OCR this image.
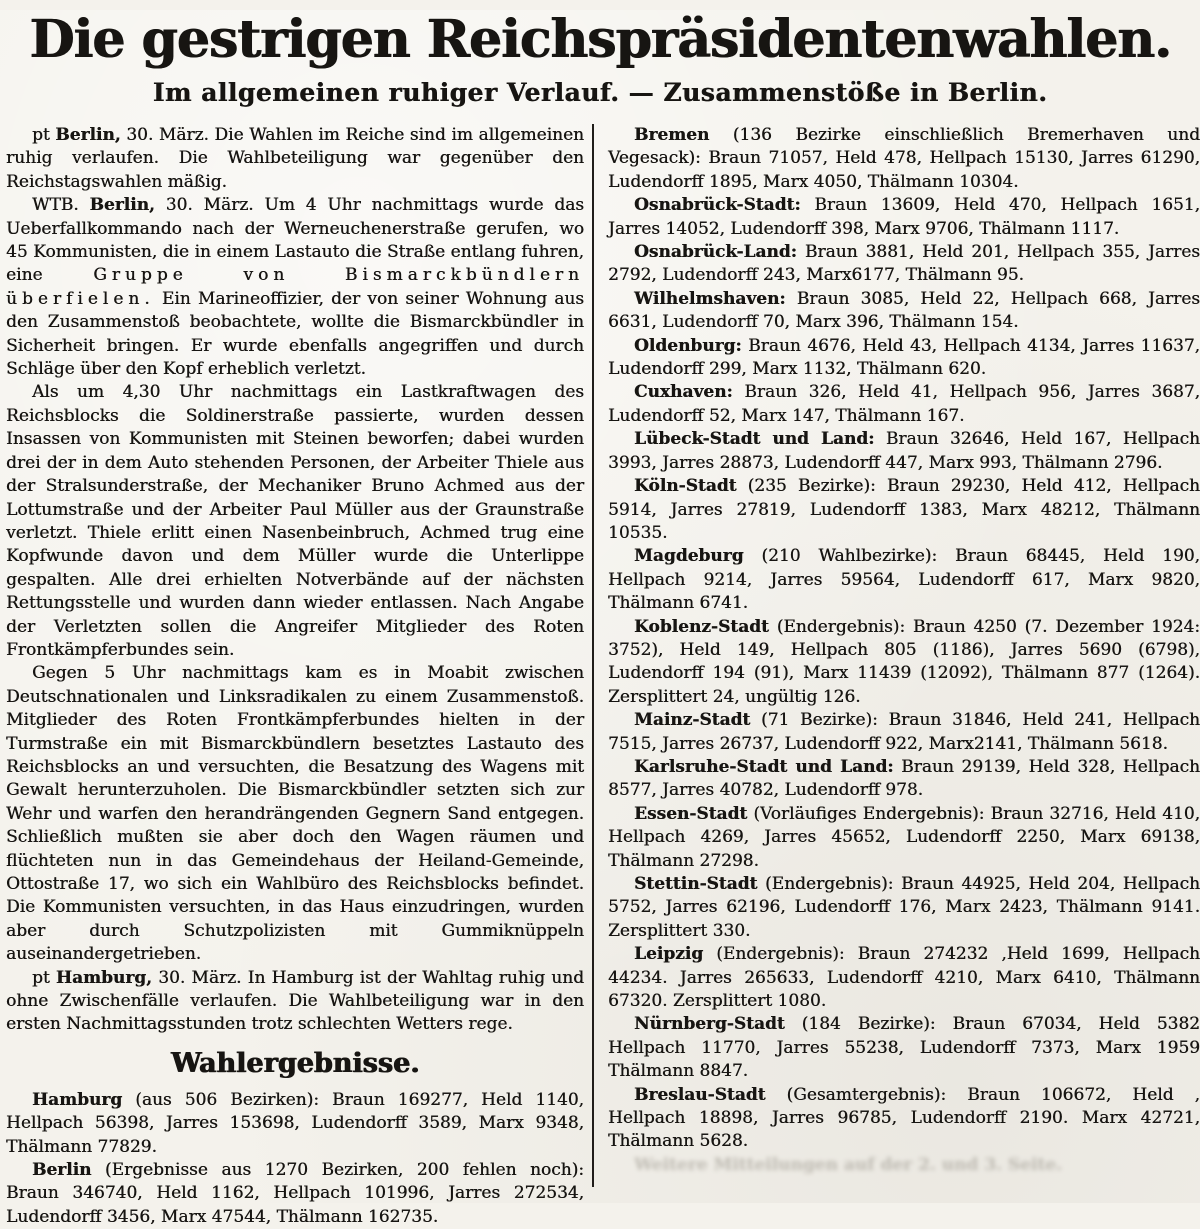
Die gestrigen Reichspräsidentenwahlen.
Im allgemeinen ruhiger Verlauf. — Zusammenstöße in Berlin.

pt Berlin, 30. März. Die Wahlen im Reiche sind im allgemeinen ruhig verlaufen. Die Wahlbeteiligung war gegenüber den Reichstagswahlen mäßig.

WTB. Berlin, 30. März. Um 4 Uhr nachmittags wurde das Ueberfallkommando nach der Werneuchenerstraße gerufen, wo 45 Kommunisten, die in einem Lastauto die Straße entlang fuhren, eine Gruppe von Bismarckbündlern überfielen. Ein Marineoffizier, der von seiner Wohnung aus den Zusammenstoß beobachtete, wollte die Bismarckbündler in Sicherheit bringen. Er wurde ebenfalls angegriffen und durch Schläge über den Kopf erheblich verletzt.

Als um 4,30 Uhr nachmittags ein Lastkraftwagen des Reichsblocks die Soldinerstraße passierte, wurden dessen Insassen von Kommunisten mit Steinen beworfen; dabei wurden drei der in dem Auto stehenden Personen, der Arbeiter Thiele aus der Stralsunderstraße, der Mechaniker Bruno Achmed aus der Lottumstraße und der Arbeiter Paul Müller aus der Graunstraße verletzt. Thiele erlitt einen Nasenbeinbruch, Achmed trug eine Kopfwunde davon und dem Müller wurde die Unterlippe gespalten. Alle drei erhielten Notverbände auf der nächsten Rettungsstelle und wurden dann wieder entlassen. Nach Angabe der Verletzten sollen die Angreifer Mitglieder des Roten Frontkämpferbundes sein.

Gegen 5 Uhr nachmittags kam es in Moabit zwischen Deutschnationalen und Linksradikalen zu einem Zusammenstoß. Mitglieder des Roten Frontkämpferbundes hielten in der Turmstraße ein mit Bismarckbündlern besetztes Lastauto des Reichsblocks an und versuchten, die Besatzung des Wagens mit Gewalt herunterzuholen. Die Bismarckbündler setzten sich zur Wehr und warfen den herandrängenden Gegnern Sand entgegen. Schließlich mußten sie aber doch den Wagen räumen und flüchteten nun in das Gemeindehaus der Heiland-Gemeinde, Ottostraße 17, wo sich ein Wahlbüro des Reichsblocks befindet. Die Kommunisten versuchten, in das Haus einzudringen, wurden aber durch Schutzpolizisten mit Gummiknüppeln auseinandergetrieben.

pt Hamburg, 30. März. In Hamburg ist der Wahltag ruhig und ohne Zwischenfälle verlaufen. Die Wahlbeteiligung war in den ersten Nachmittagsstunden trotz schlechten Wetters rege.

Wahlergebnisse.

Hamburg (aus 506 Bezirken): Braun 169277, Held 1140, Hellpach 56398, Jarres 153698, Ludendorff 3589, Marx 9348, Thälmann 77829.

Berlin (Ergebnisse aus 1270 Bezirken, 200 fehlen noch): Braun 346740, Held 1162, Hellpach 101996, Jarres 272534, Ludendorff 3456, Marx 47544, Thälmann 162735.

Bremen (136 Bezirke einschließlich Bremerhaven und Vegesack): Braun 71057, Held 478, Hellpach 15130, Jarres 61290, Ludendorff 1895, Marx 4050, Thälmann 10304.

Osnabrück-Stadt: Braun 13609, Held 470, Hellpach 1651, Jarres 14052, Ludendorff 398, Marx 9706, Thälmann 1117.

Osnabrück-Land: Braun 3881, Held 201, Hellpach 355, Jarres 2792, Ludendorff 243, Marx6177, Thälmann 95.

Wilhelmshaven: Braun 3085, Held 22, Hellpach 668, Jarres 6631, Ludendorff 70, Marx 396, Thälmann 154.

Oldenburg: Braun 4676, Held 43, Hellpach 4134, Jarres 11637, Ludendorff 299, Marx 1132, Thälmann 620.

Cuxhaven: Braun 326, Held 41, Hellpach 956, Jarres 3687, Ludendorff 52, Marx 147, Thälmann 167.

Lübeck-Stadt und Land: Braun 32646, Held 167, Hellpach 3993, Jarres 28873, Ludendorff 447, Marx 993, Thälmann 2796.

Köln-Stadt (235 Bezirke): Braun 29230, Held 412, Hellpach 5914, Jarres 27819, Ludendorff 1383, Marx 48212, Thälmann 10535.

Magdeburg (210 Wahlbezirke): Braun 68445, Held 190, Hellpach 9214, Jarres 59564, Ludendorff 617, Marx 9820, Thälmann 6741.

Koblenz-Stadt (Endergebnis): Braun 4250 (7. Dezember 1924: 3752), Held 149, Hellpach 805 (1186), Jarres 5690 (6798), Ludendorff 194 (91), Marx 11439 (12092), Thälmann 877 (1264). Zersplittert 24, ungültig 126.

Mainz-Stadt (71 Bezirke): Braun 31846, Held 241, Hellpach 7515, Jarres 26737, Ludendorff 922, Marx2141, Thälmann 5618.

Karlsruhe-Stadt und Land: Braun 29139, Held 328, Hellpach 8577, Jarres 40782, Ludendorff 978.

Essen-Stadt (Vorläufiges Endergebnis): Braun 32716, Held 410, Hellpach 4269, Jarres 45652, Ludendorff 2250, Marx 69138, Thälmann 27298.

Stettin-Stadt (Endergebnis): Braun 44925, Held 204, Hellpach 5752, Jarres 62196, Ludendorff 176, Marx 2423, Thälmann 9141. Zersplittert 330.

Leipzig (Endergebnis): Braun 274232 ,Held 1699, Hellpach 44234. Jarres 265633, Ludendorff 4210, Marx 6410, Thälmann 67320. Zersplittert 1080.

Nürnberg-Stadt (184 Bezirke): Braun 67034, Held 5382 Hellpach 11770, Jarres 55238, Ludendorff 7373, Marx 1959 Thälmann 8847.

Breslau-Stadt (Gesamtergebnis): Braun 106672, Held , Hellpach 18898, Jarres 96785, Ludendorff 2190. Marx 42721, Thälmann 5628.

Weitere Mitteilungen auf der 2. und 3. Seite.
